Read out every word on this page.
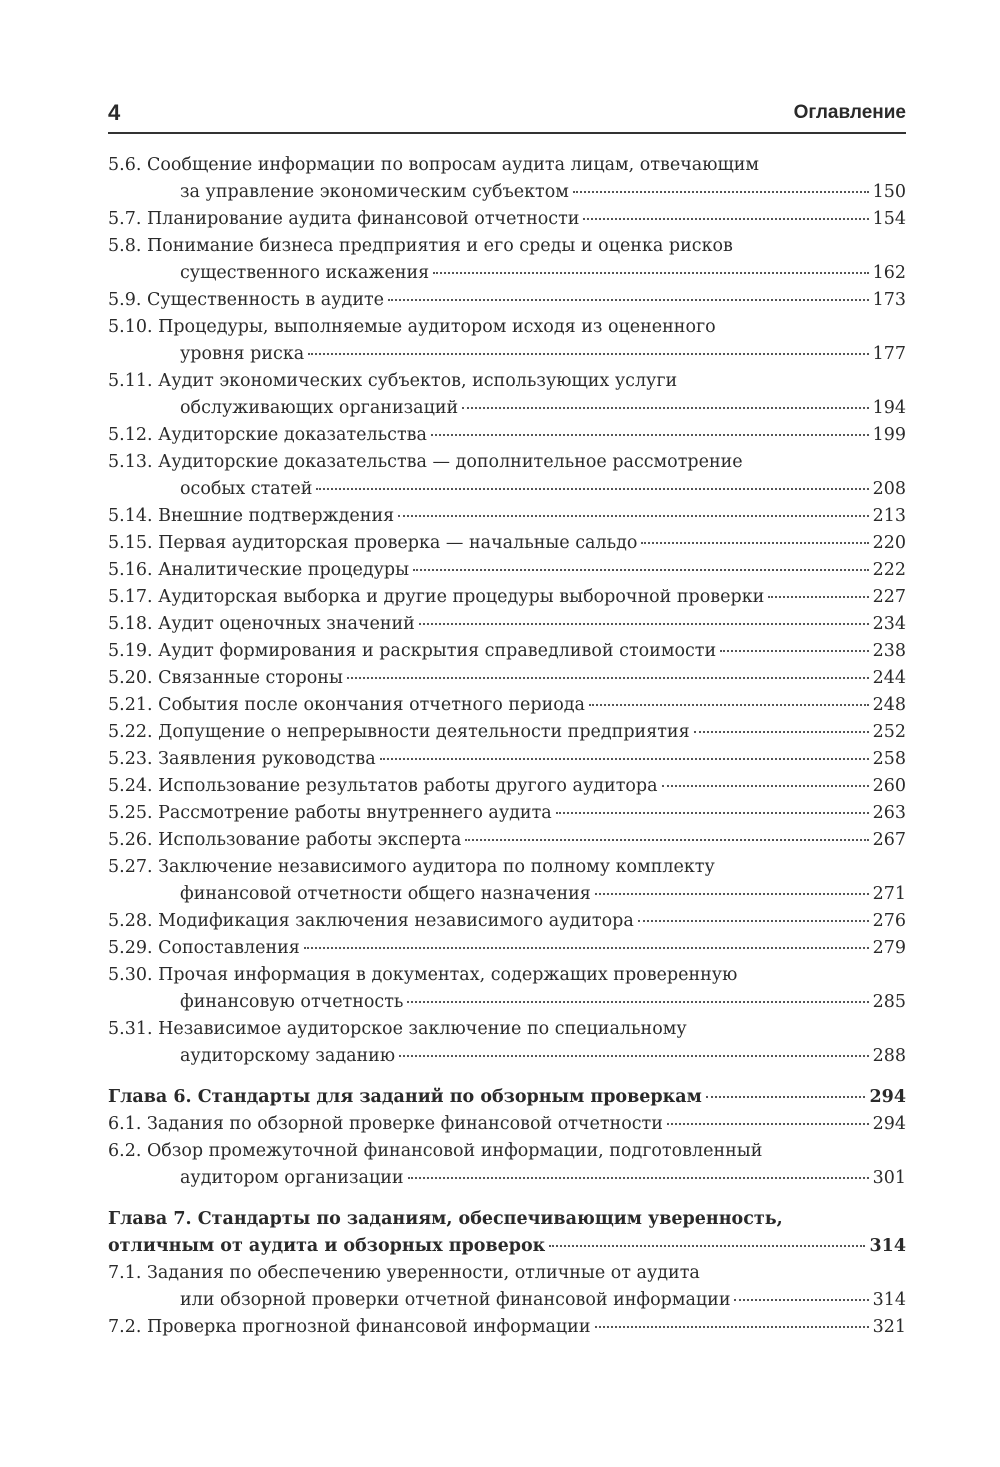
4	Оглавление
5.6. Сообщение информации по вопросам аудита лицам, отвечающим
за управление экономическим субъектом	150
5.7. Планирование аудита финансовой отчетности	154
5.8. Понимание бизнеса предприятия и его среды и оценка рисков
существенного искажения	162
5.9. Существенность в аудите	173
5.10. Процедуры, выполняемые аудитором исходя из оцененного
уровня риска	177
5.11. Аудит экономических субъектов, использующих услуги
обслуживающих организаций	194
5.12. Аудиторские доказательства	199
5.13. Аудиторские доказательства — дополнительное рассмотрение
особых статей	208
5.14. Внешние подтверждения	213
5.15. Первая аудиторская проверка — начальные сальдо	220
5.16. Аналитические процедуры	222
5.17. Аудиторская выборка и другие процедуры выборочной проверки	227
5.18. Аудит оценочных значений	234
5.19. Аудит формирования и раскрытия справедливой стоимости	238
5.20. Связанные стороны	244
5.21. События после окончания отчетного периода	248
5.22. Допущение о непрерывности деятельности предприятия	252
5.23. Заявления руководства	258
5.24. Использование результатов работы другого аудитора	260
5.25. Рассмотрение работы внутреннего аудита	263
5.26. Использование работы эксперта	267
5.27. Заключение независимого аудитора по полному комплекту
финансовой отчетности общего назначения	271
5.28. Модификация заключения независимого аудитора	276
5.29. Сопоставления	279
5.30. Прочая информация в документах, содержащих проверенную
финансовую отчетность	285
5.31. Независимое аудиторское заключение по специальному
аудиторскому заданию	288
Глава 6. Стандарты для заданий по обзорным проверкам	294
6.1. Задания по обзорной проверке финансовой отчетности	294
6.2. Обзор промежуточной финансовой информации, подготовленный
аудитором организации	301
Глава 7. Стандарты по заданиям, обеспечивающим уверенность,
отличным от аудита и обзорных проверок	314
7.1. Задания по обеспечению уверенности, отличные от аудита
или обзорной проверки отчетной финансовой информации	314
7.2. Проверка прогнозной финансовой информации	321
